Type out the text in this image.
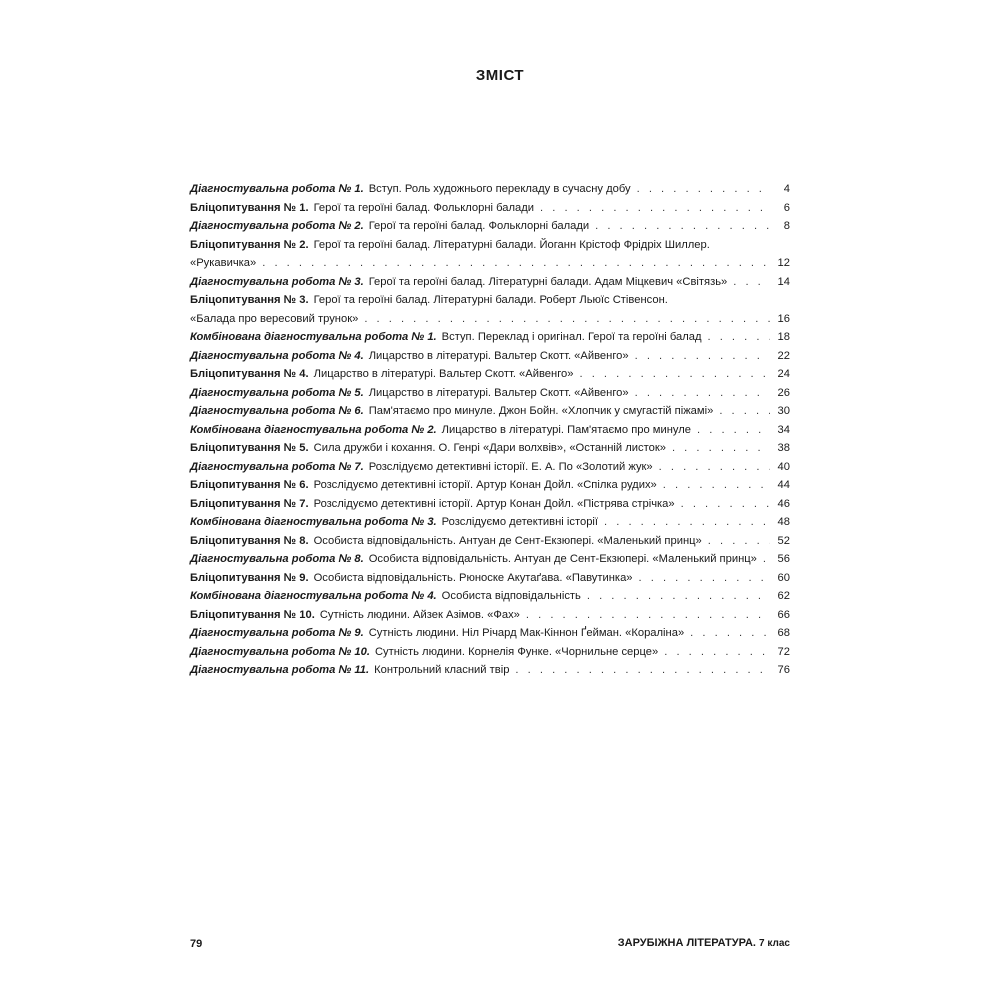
ЗМІСТ
Діагностувальна робота № 1. Вступ. Роль художнього перекладу в сучасну добу . . .	4
Бліцопитування № 1. Герої та героїні балад. Фольклорні балади . . .	6
Діагностувальна робота № 2. Герої та героїні балад. Фольклорні балади . . .	8
Бліцопитування № 2. Герої та героїні балад. Літературні балади. Йоганн Крістоф Фрідріх Шиллер.
«Рукавичка» . . .	12
Діагностувальна робота № 3. Герої та героїні балад. Літературні балади. Адам Міцкевич «Світязь» . . .	14
Бліцопитування № 3. Герої та героїні балад. Літературні балади. Роберт Льюїс Стівенсон.
«Балада про вересовий трунок» . . .	16
Комбінована діагностувальна робота № 1. Вступ. Переклад і оригінал. Герої та героїні балад . . .	18
Діагностувальна робота № 4. Лицарство в літературі. Вальтер Скотт. «Айвенго» . . .	22
Бліцопитування № 4. Лицарство в літературі. Вальтер Скотт. «Айвенго» . . .	24
Діагностувальна робота № 5. Лицарство в літературі. Вальтер Скотт. «Айвенго» . . .	26
Діагностувальна робота № 6. Пам'ятаємо про минуле. Джон Бойн. «Хлопчик у смугастій піжамі» . . .	30
Комбінована діагностувальна робота № 2. Лицарство в літературі. Пам'ятаємо про минуле . . .	34
Бліцопитування № 5. Сила дружби і кохання. О. Генрі «Дари волхвів», «Останній листок» . . .	38
Діагностувальна робота № 7. Розслідуємо детективні історії. Е. А. По «Золотий жук» . . .	40
Бліцопитування № 6. Розслідуємо детективні історії. Артур Конан Дойл. «Спілка рудих» . . .	44
Бліцопитування № 7. Розслідуємо детективні історії. Артур Конан Дойл. «Пістрява стрічка» . . .	46
Комбінована діагностувальна робота № 3. Розслідуємо детективні історії . . .	48
Бліцопитування № 8. Особиста відповідальність. Антуан де Сент-Екзюпері. «Маленький принц» . . .	52
Діагностувальна робота № 8. Особиста відповідальність. Антуан де Сент-Екзюпері. «Маленький принц» . . . 56
Бліцопитування № 9. Особиста відповідальність. Рюноске Акутаґава. «Павутинка» . . .	60
Комбінована діагностувальна робота № 4. Особиста відповідальність . . .	62
Бліцопитування № 10. Сутність людини. Айзек Азімов. «Фах» . . .	66
Діагностувальна робота № 9. Сутність людини. Ніл Річард Мак-Кіннон Ґейман. «Кораліна» . . .	68
Діагностувальна робота № 10. Сутність людини. Корнелія Функе. «Чорнильне серце» . . .	72
Діагностувальна робота № 11. Контрольний класний твір . . .	76
79	ЗАРУБІЖНА ЛІТЕРАТУРА. 7 клас
